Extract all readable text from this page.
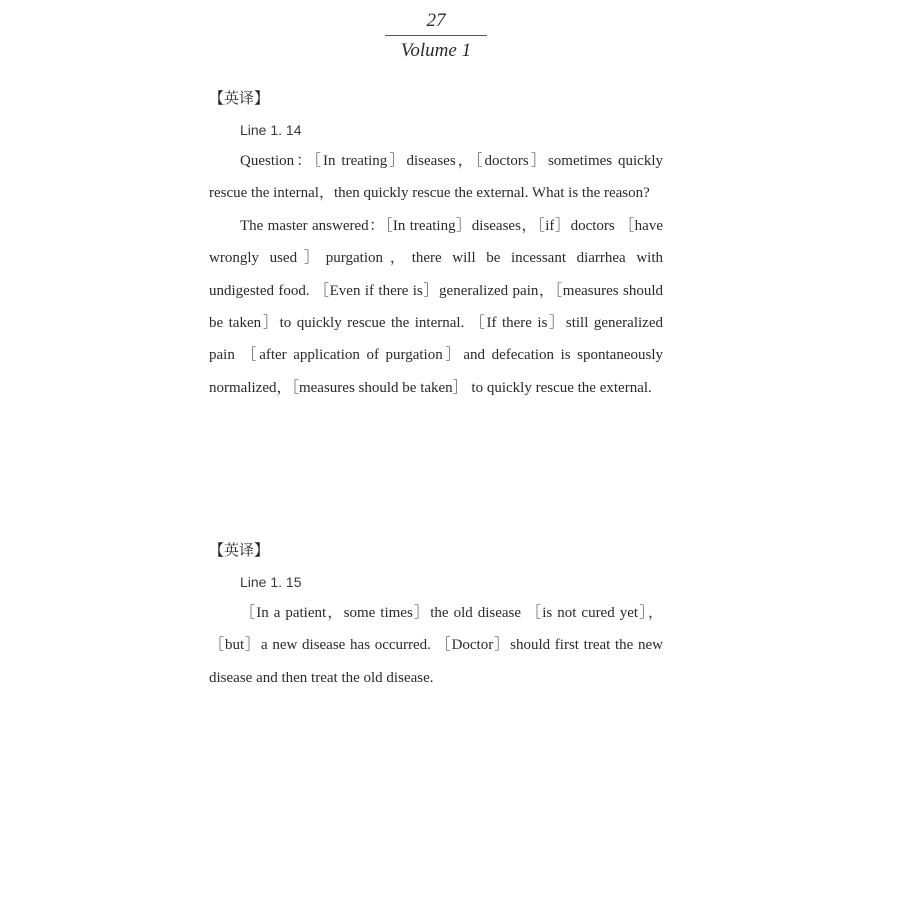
27
Volume 1
【英译】
Line 1. 14

Question：［In treating］diseases，［doctors］sometimes quickly rescue the internal，then quickly rescue the external. What is the reason?

The master answered：［In treating］diseases，［if］doctors ［have wrongly used］purgation，there will be incessant diarrhea with undigested food. ［Even if there is］generalized pain，［measures should be taken］to quickly rescue the internal. ［If there is］still generalized pain ［after application of purgation］and defecation is spontaneously normalized，［measures should be taken］ to quickly rescue the external.

【英译】
Line 1. 15

［In a patient，some times］the old disease ［is not cured yet］，［but］a new disease has occurred. ［Doctor］should first treat the new disease and then treat the old disease.
